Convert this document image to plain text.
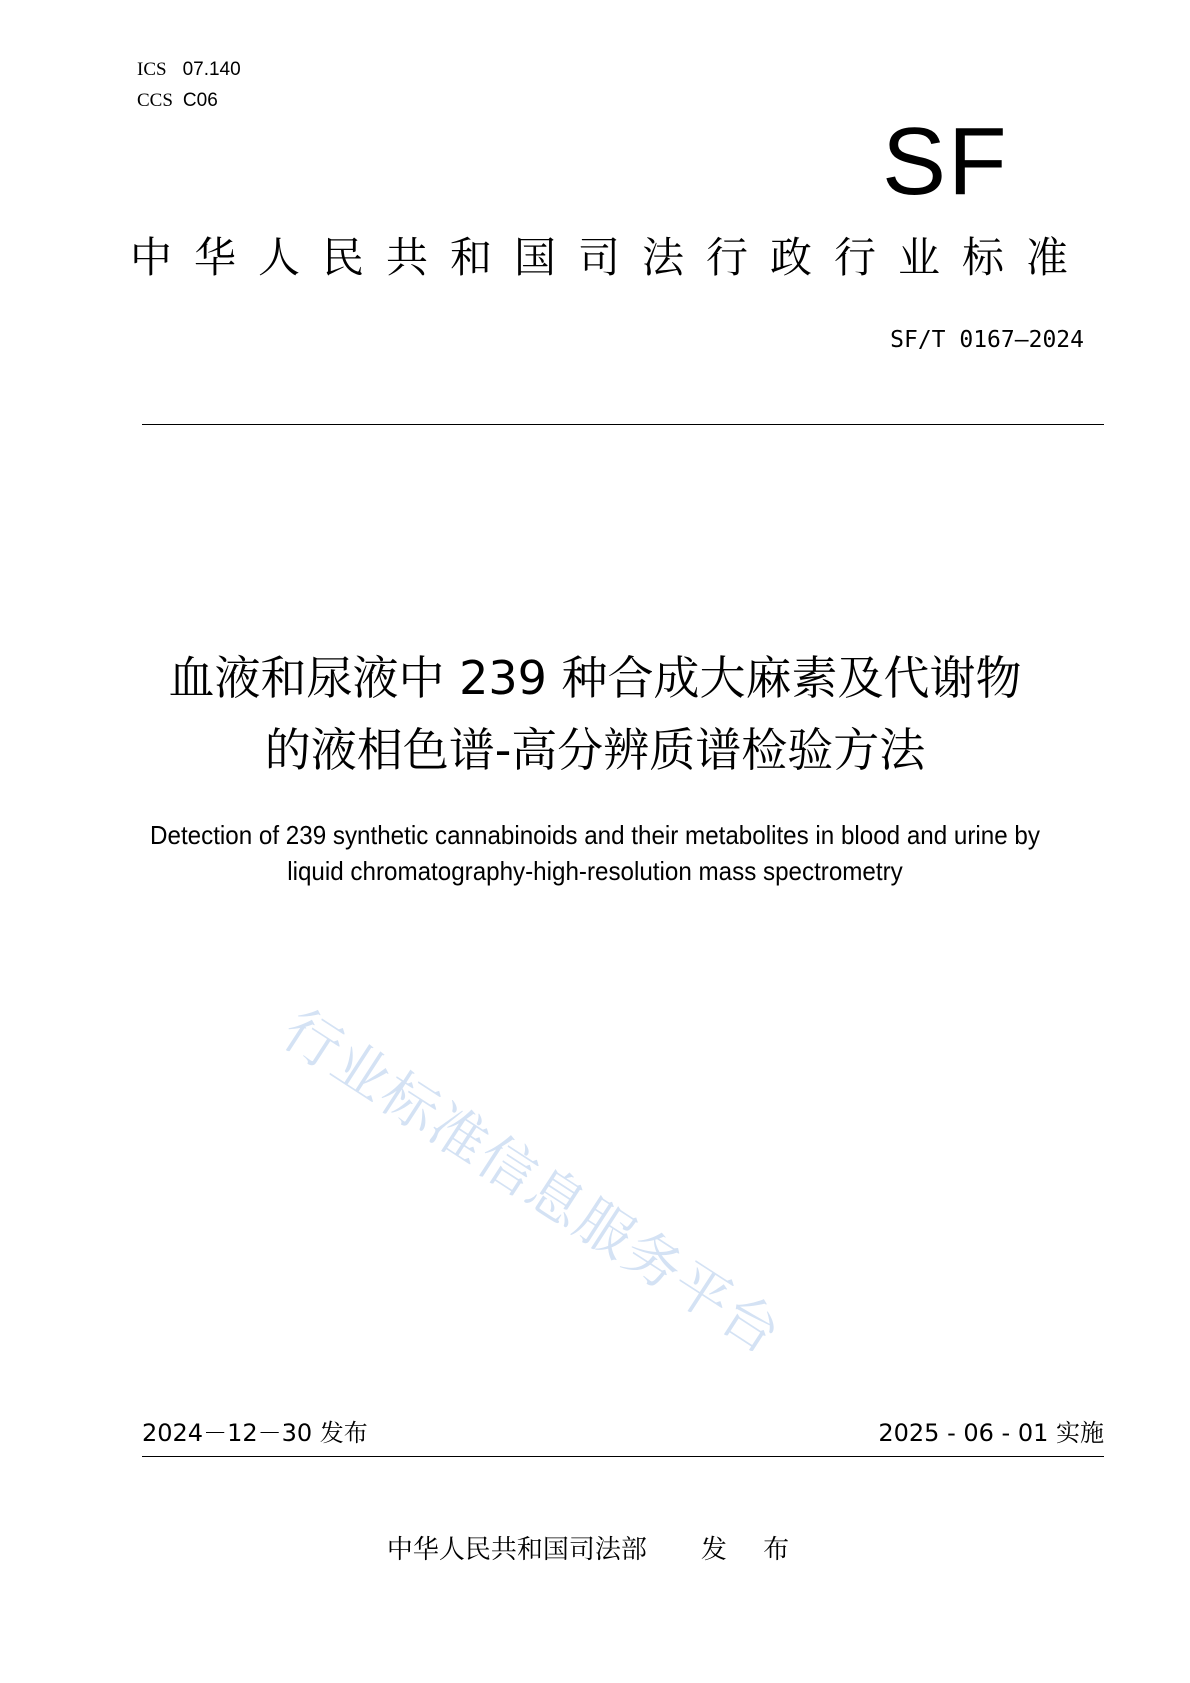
ICS 07.140
CCS C06
SF
中华人民共和国司法行政行业标准
SF/T 0167—2024
血液和尿液中 239 种合成大麻素及代谢物
的液相色谱-高分辨质谱检验方法
Detection of 239 synthetic cannabinoids and their metabolites in blood and urine by
liquid chromatography-high-resolution mass spectrometry
行业标准信息服务平台
2024－12－30 发布	2025 - 06 - 01 实施
中华人民共和国司法部 发 布
